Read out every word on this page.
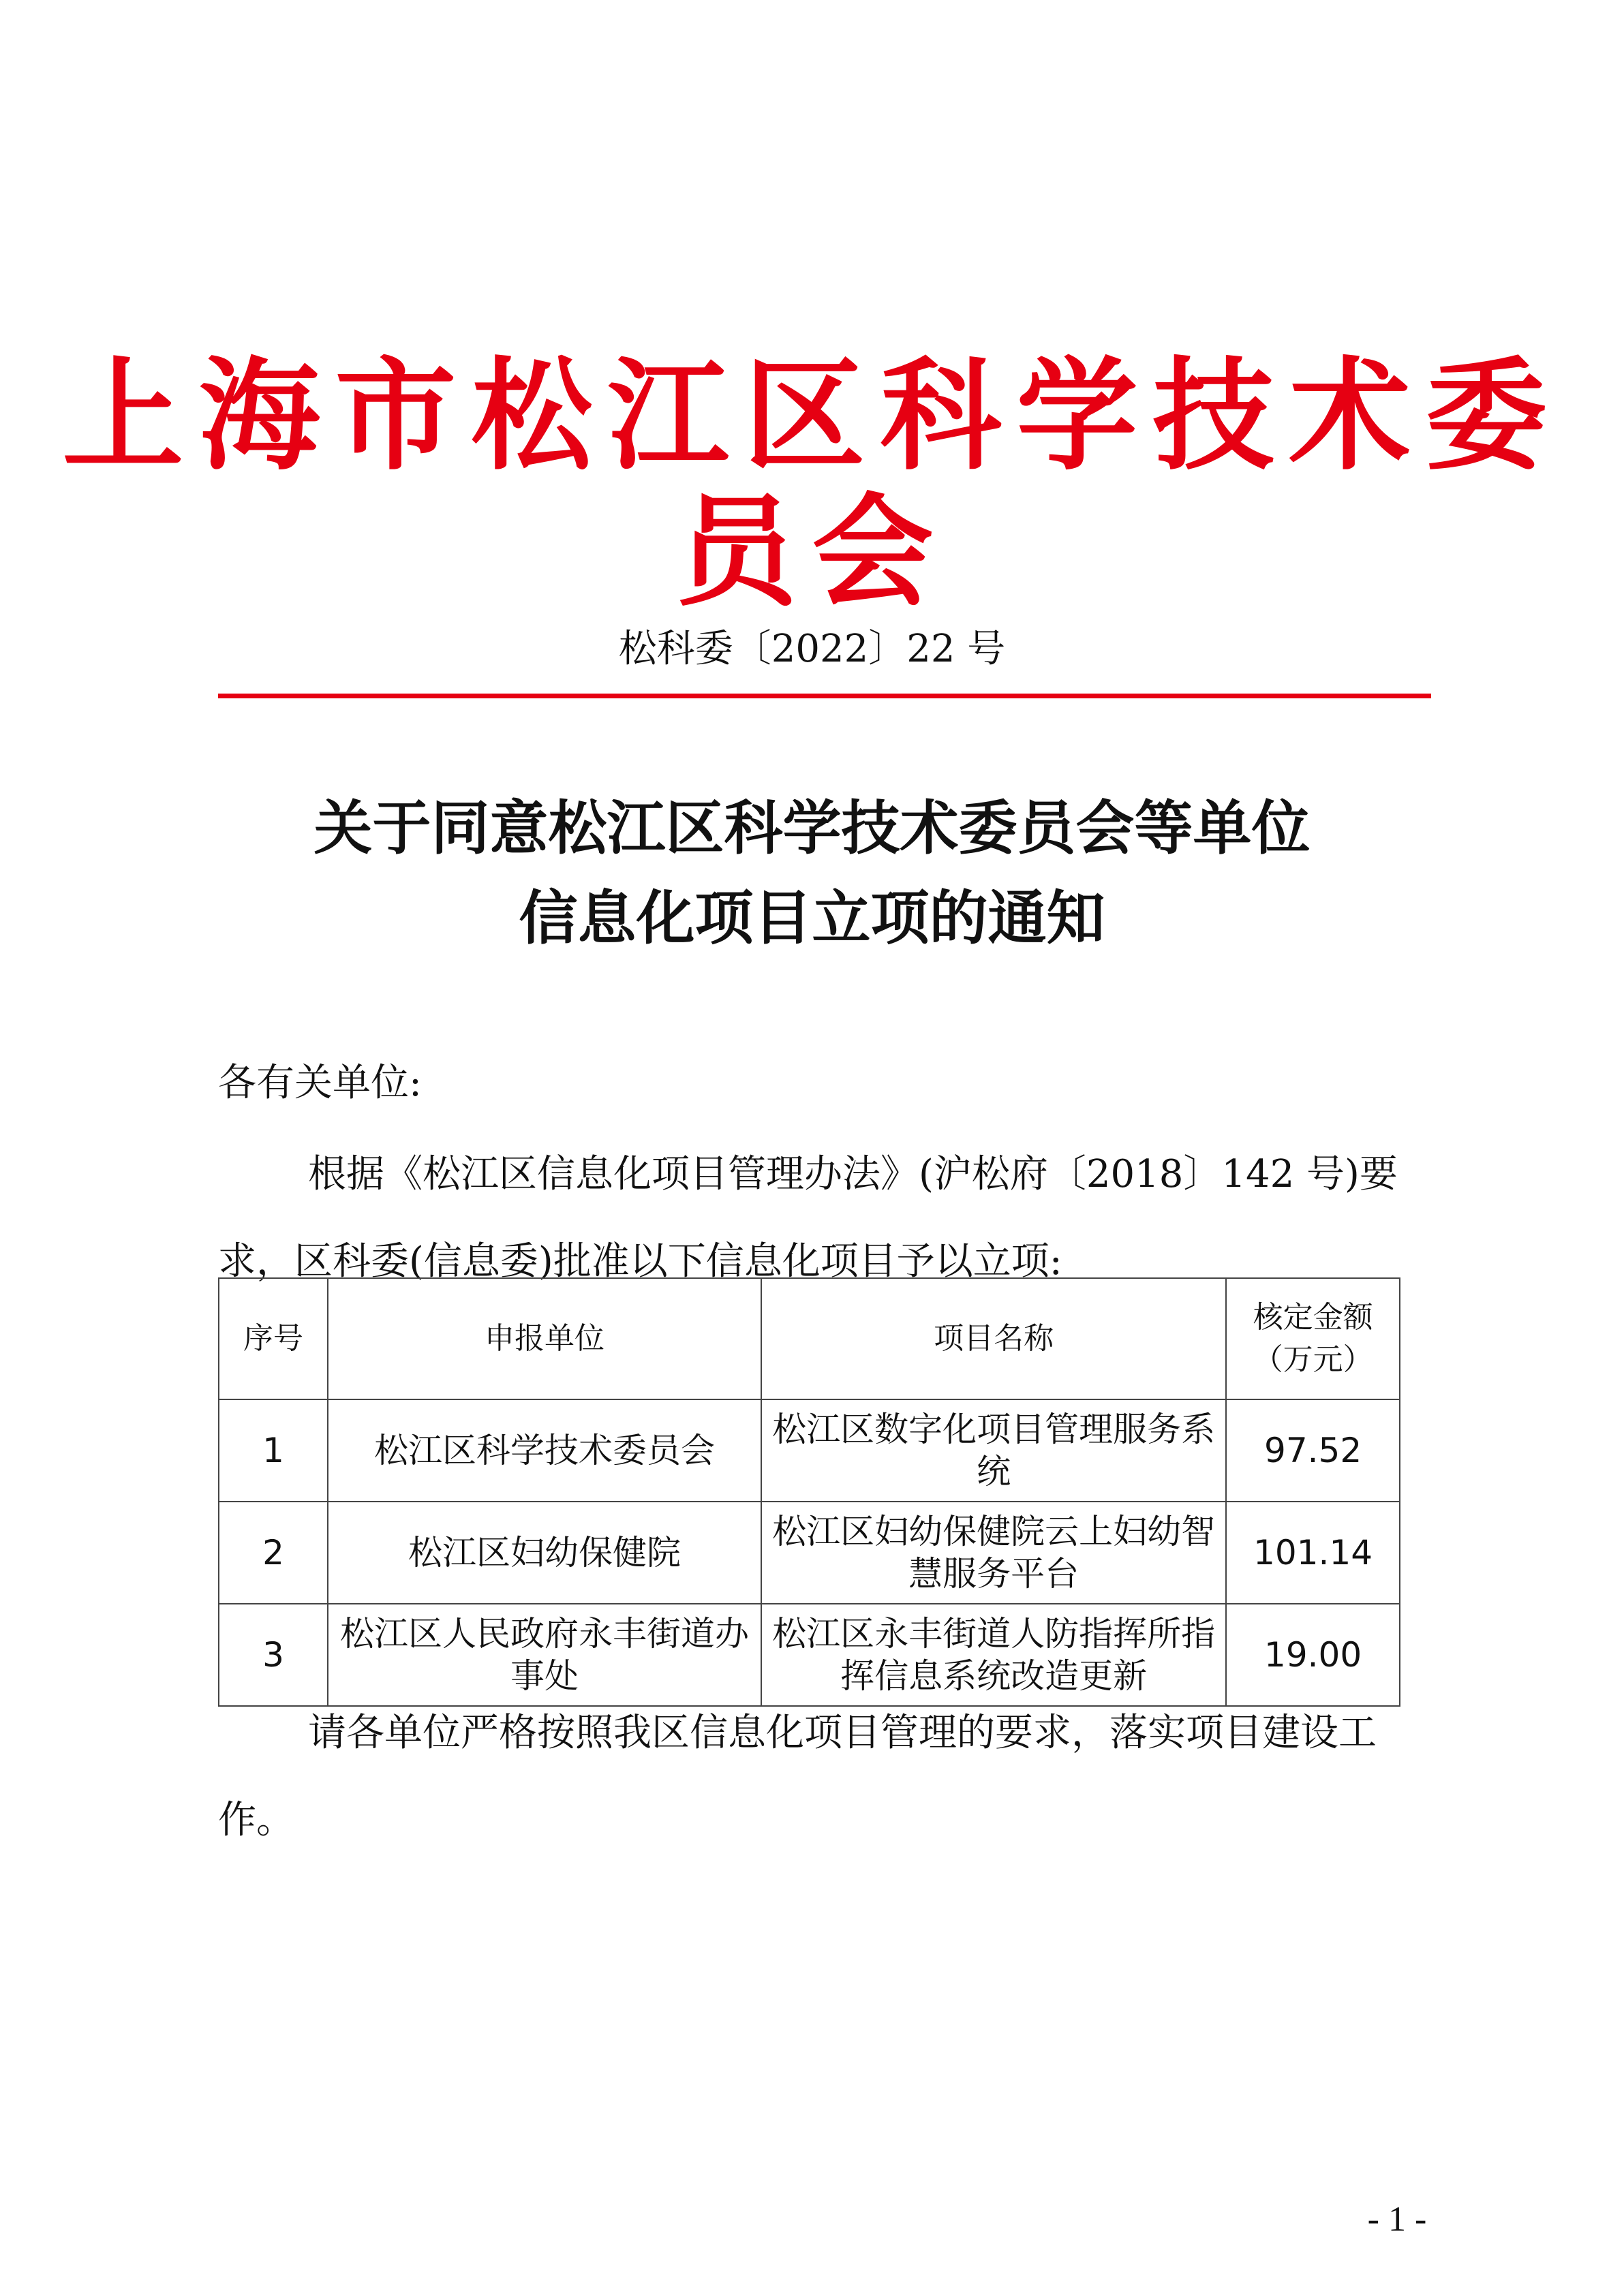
上海市松江区科学技术委员会
松科委〔2022〕22 号
关于同意松江区科学技术委员会等单位
信息化项目立项的通知
各有关单位:
根据《松江区信息化项目管理办法》(沪松府〔2018〕142 号)要求，区科委(信息委)批准以下信息化项目予以立项:
序号	申报单位	项目名称	核定金额（万元）
1	松江区科学技术委员会	松江区数字化项目管理服务系统	97.52
2	松江区妇幼保健院	松江区妇幼保健院云上妇幼智慧服务平台	101.14
3	松江区人民政府永丰街道办事处	松江区永丰街道人防指挥所指挥信息系统改造更新	19.00
请各单位严格按照我区信息化项目管理的要求，落实项目建设工作。
- 1 -
